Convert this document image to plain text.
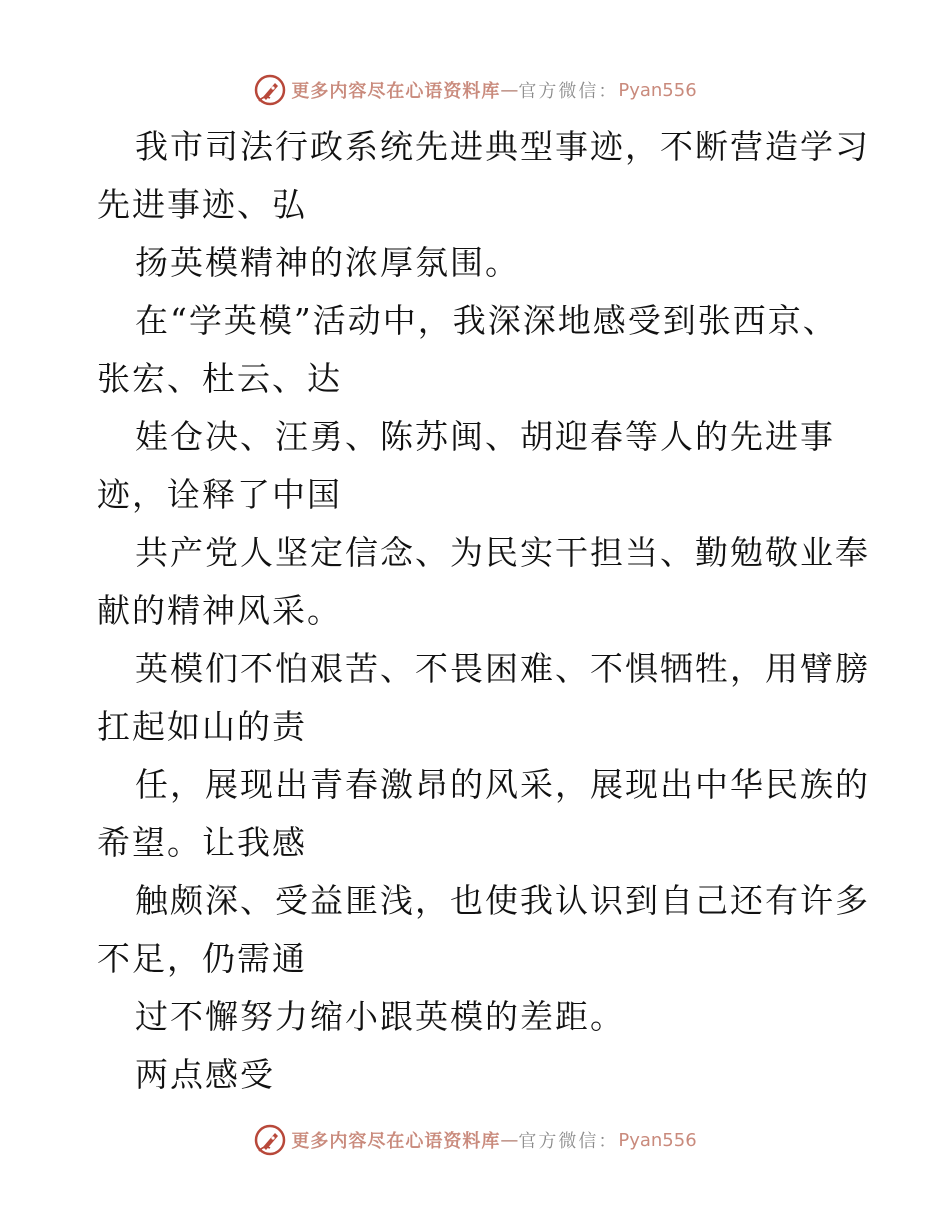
更多内容尽在心语资料库 — 官方微信： Pyan556
我市司法行政系统先进典型事迹，不断营造学习
先进事迹、弘
扬英模精神的浓厚氛围。
在“学英模”活动中，我深深地感受到张西京、
张宏、杜云、达
娃仓决、汪勇、陈苏闽、胡迎春等人的先进事
迹，诠释了中国
共产党人坚定信念、为民实干担当、勤勉敬业奉
献的精神风采。
英模们不怕艰苦、不畏困难、不惧牺牲，用臂膀
扛起如山的责
任，展现出青春激昂的风采，展现出中华民族的
希望。让我感
触颇深、受益匪浅，也使我认识到自己还有许多
不足，仍需通
过不懈努力缩小跟英模的差距。
两点感受
更多内容尽在心语资料库 — 官方微信： Pyan556
